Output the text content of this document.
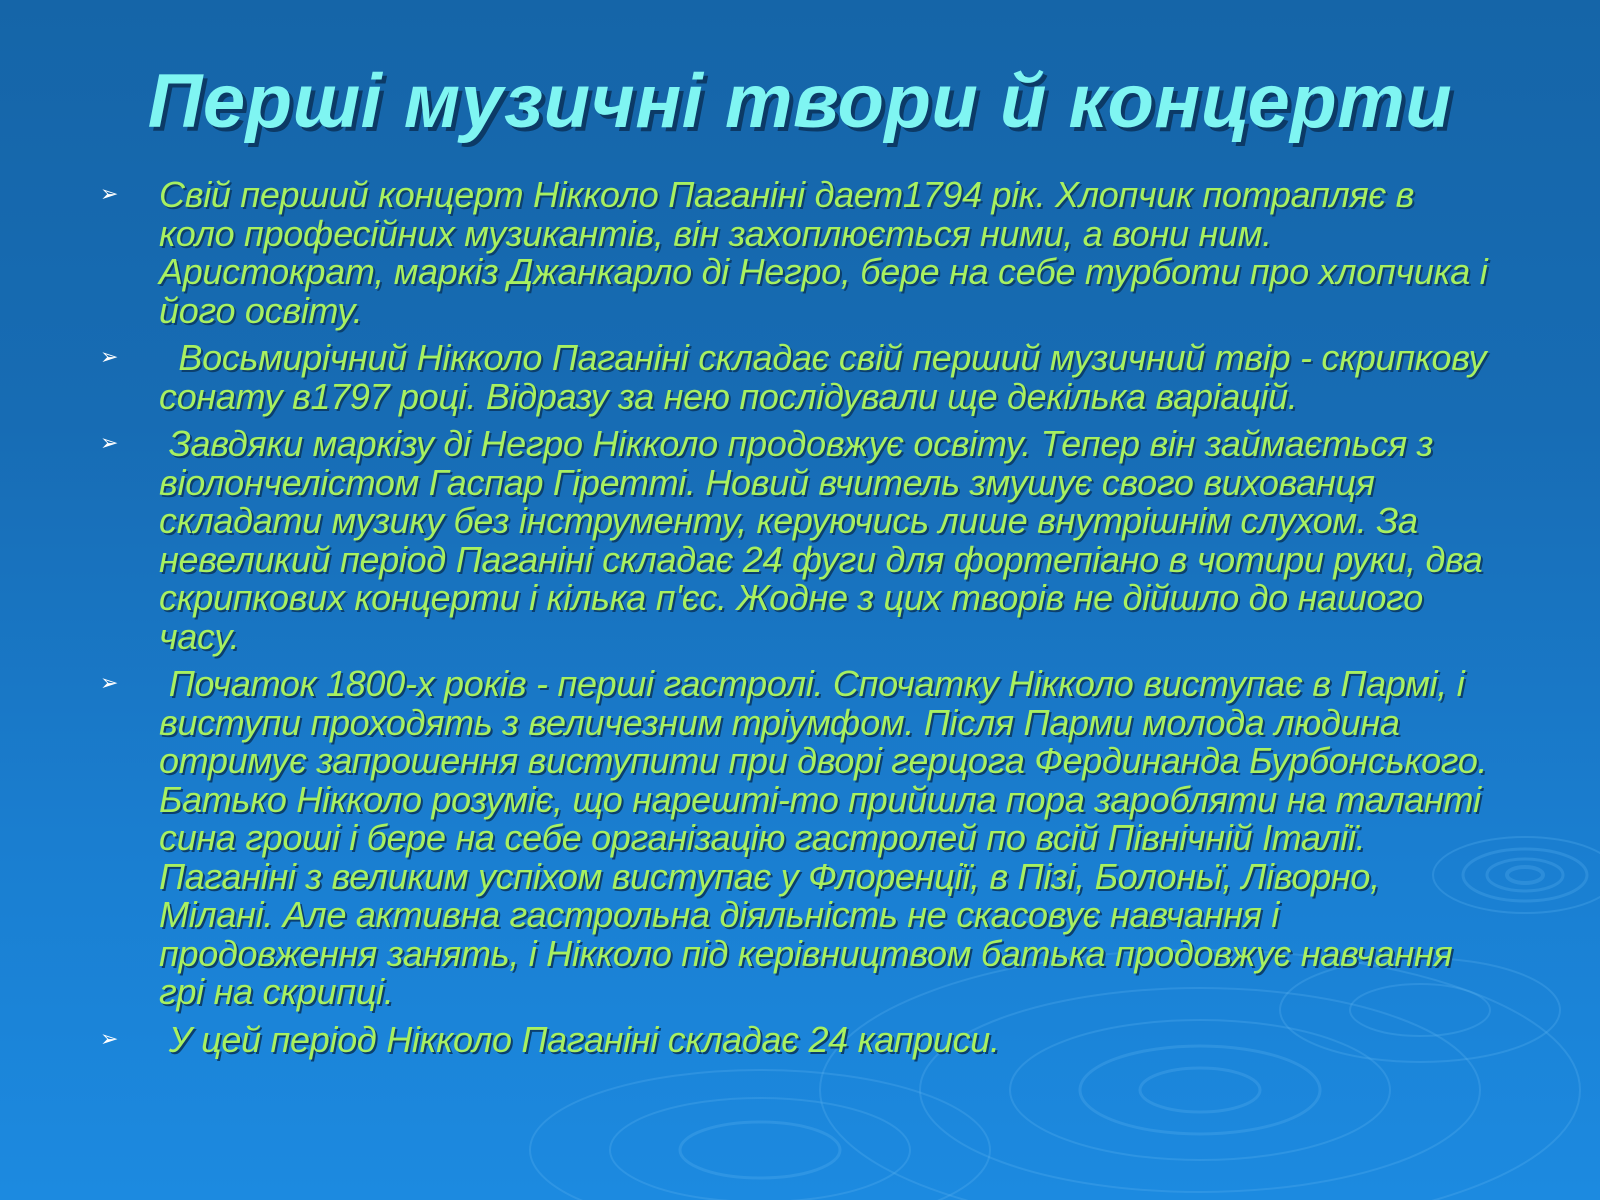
Перші музичні твори й концерти
➢ Свій перший концерт Нікколо Паганіні дает1794 рік. Хлопчик потрапляє в коло професійних музикантів, він захоплюється ними, а вони ним. Аристократ, маркіз Джанкарло ді Негро, бере на себе турботи про хлопчика і його освіту.
➢ Восьмирічний Нікколо Паганіні складає свій перший музичний твір - скрипкову сонату в1797 році. Відразу за нею послідували ще декілька варіацій.
➢ Завдяки маркізу ді Негро Нікколо продовжує освіту. Тепер він займається з віолончелістом Гаспар Гіретті. Новий вчитель змушує свого вихованця складати музику без інструменту, керуючись лише внутрішнім слухом. За невеликий період Паганіні складає 24 фуги для фортепіано в чотири руки, два скрипкових концерти і кілька п'єс. Жодне з цих творів не дійшло до нашого часу.
➢ Початок 1800-х років - перші гастролі. Спочатку Нікколо виступає в Пармі, і виступи проходять з величезним тріумфом. Після Парми молода людина отримує запрошення виступити при дворі герцога Фердинанда Бурбонського. Батько Нікколо розуміє, що нарешті-то прийшла пора заробляти на таланті сина гроші і бере на себе організацію гастролей по всій Північній Італії. Паганіні з великим успіхом виступає у Флоренції, в Пізі, Болоньї, Ліворно, Мілані. Але активна гастрольна діяльність не скасовує навчання і продовження занять, і Нікколо під керівництвом батька продовжує навчання грі на скрипці.
➢ У цей період Нікколо Паганіні складає 24 каприси.
